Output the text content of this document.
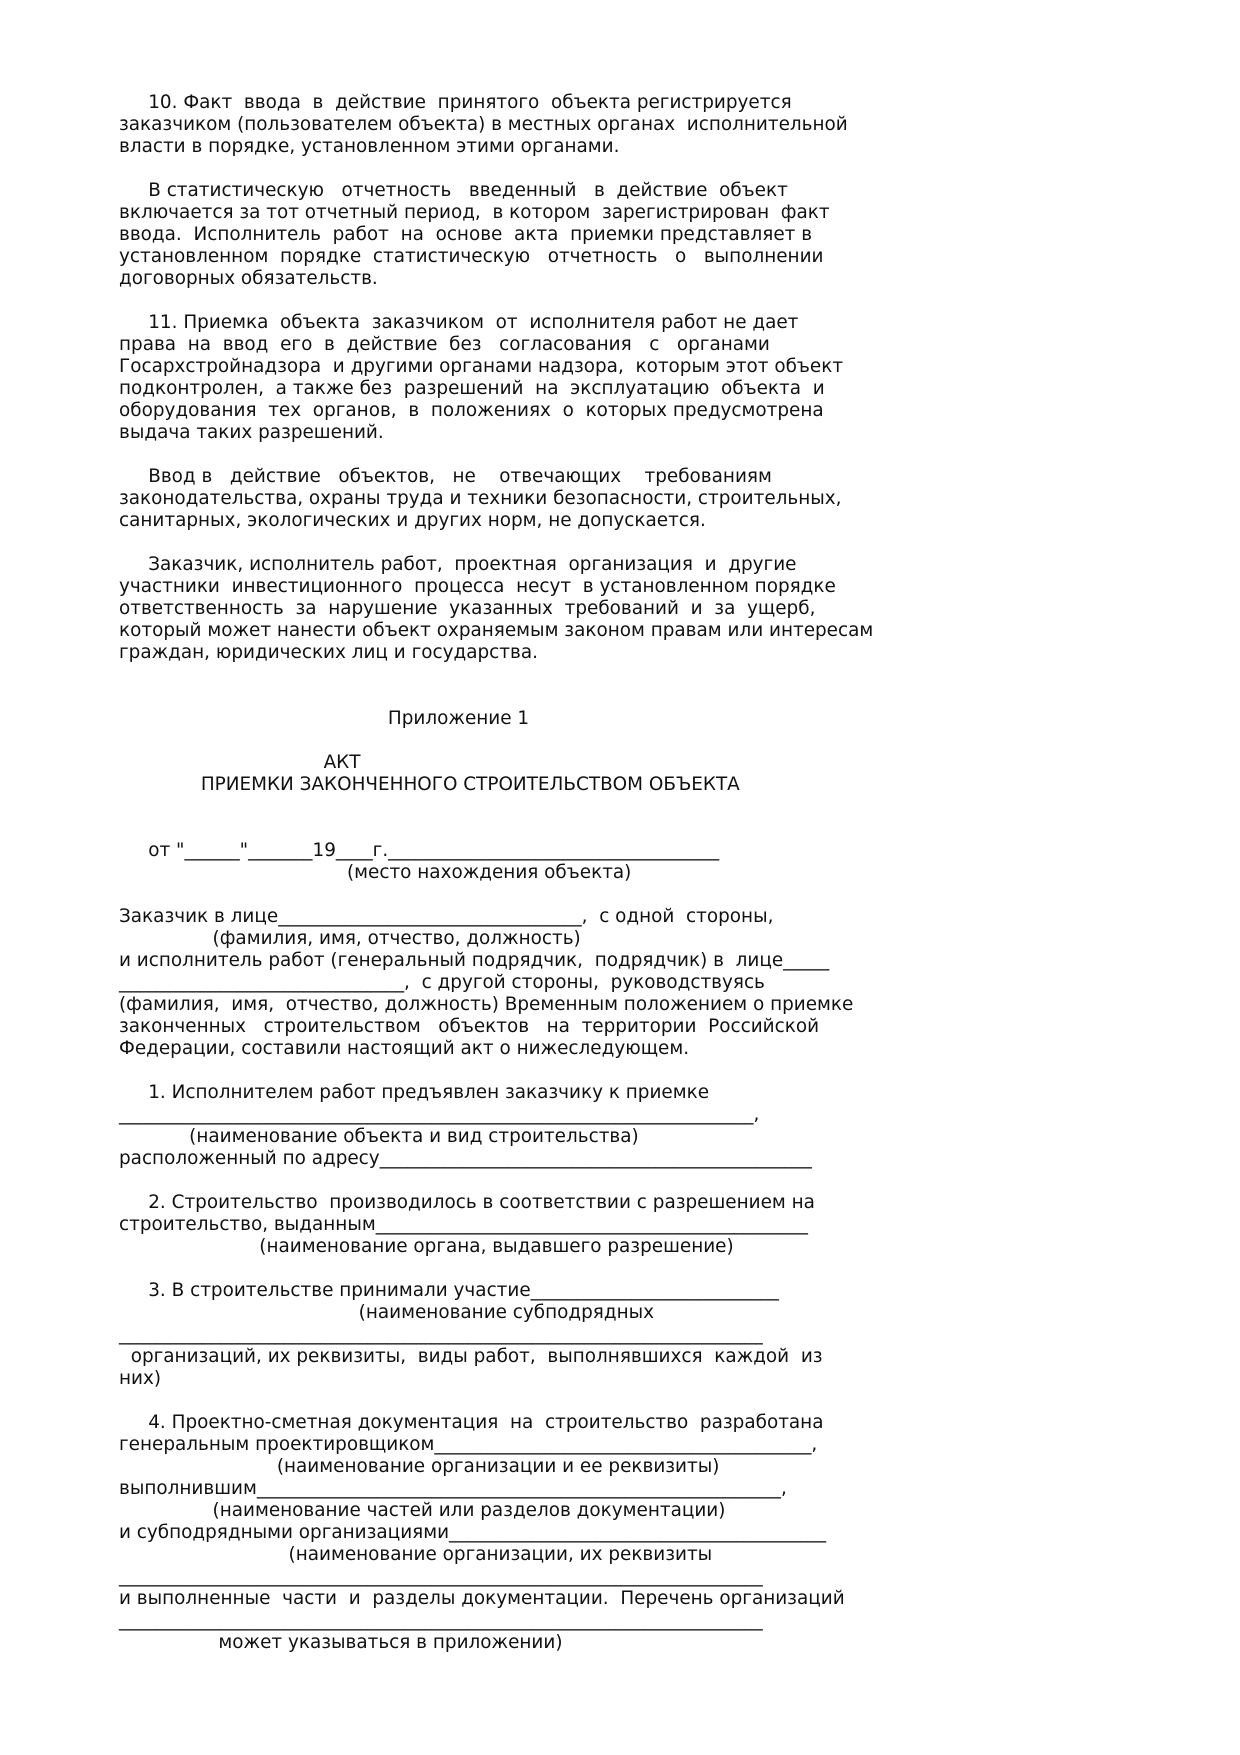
10. Факт  ввода  в  действие  принятого  объекта регистрируется

заказчиком (пользователем объекта) в местных органах  исполнительной

власти в порядке, установленном этими органами.

В статистическую   отчетность   введенный   в  действие  объект

включается за тот отчетный период,  в котором  зарегистрирован  факт

ввода.  Исполнитель  работ  на  основе  акта  приемки представляет в

установленном  порядке  статистическую   отчетность   о   выполнении

договорных обязательств.

11. Приемка  объекта  заказчиком  от  исполнителя работ не дает

права  на  ввод  его  в  действие  без   согласования   с   органами

Госархстройнадзора  и другими органами надзора,  которым этот объект

подконтролен,  а также без  разрешений  на  эксплуатацию  объекта  и

оборудования  тех  органов,  в  положениях  о  которых предусмотрена

выдача таких разрешений.

Ввод в   действие   объектов,   не    отвечающих    требованиям

законодательства, охраны труда и техники безопасности, строительных,

санитарных, экологических и других норм, не допускается.

Заказчик, исполнитель работ,  проектная  организация  и  другие

участники  инвестиционного  процесса  несут  в установленном порядке

ответственность  за  нарушение  указанных  требований  и  за  ущерб,

который может нанести объект охраняемым законом правам или интересам

граждан, юридических лиц и государства.

Приложение 1

АКТ

ПРИЕМКИ ЗАКОНЧЕННОГО СТРОИТЕЛЬСТВОМ ОБЪЕКТА

от "______"_______19____г.____________________________________

(место нахождения объекта)

Заказчик в лице_________________________________,  с одной  стороны,

(фамилия, имя, отчество, должность)

и исполнитель работ (генеральный подрядчик,  подрядчик) в  лице_____

_______________________________,  с другой стороны,  руководствуясь

(фамилия,  имя,  отчество, должность) Временным положением о приемке

законченных   строительством   объектов   на  территории  Российской

Федерации, составили настоящий акт о нижеследующем.

1. Исполнителем работ предъявлен заказчику к приемке

_____________________________________________________________________,

(наименование объекта и вид строительства)

расположенный по адресу_______________________________________________

2. Строительство  производилось в соответствии с разрешением на

строительство, выданным_______________________________________________

(наименование органа, выдавшего разрешение)

3. В строительстве принимали участие___________________________

(наименование субподрядных

______________________________________________________________________

организаций, их реквизиты,  виды работ,  выполнявшихся  каждой  из

них)

4. Проектно-сметная документация  на  строительство  разработана

генеральным проектировщиком_________________________________________,

(наименование организации и ее реквизиты)

выполнившим_________________________________________________________,

(наименование частей или разделов документации)

и субподрядными организациями_________________________________________

(наименование организации, их реквизиты

______________________________________________________________________

и выполненные  части  и  разделы документации.  Перечень организаций

______________________________________________________________________

может указываться в приложении)
